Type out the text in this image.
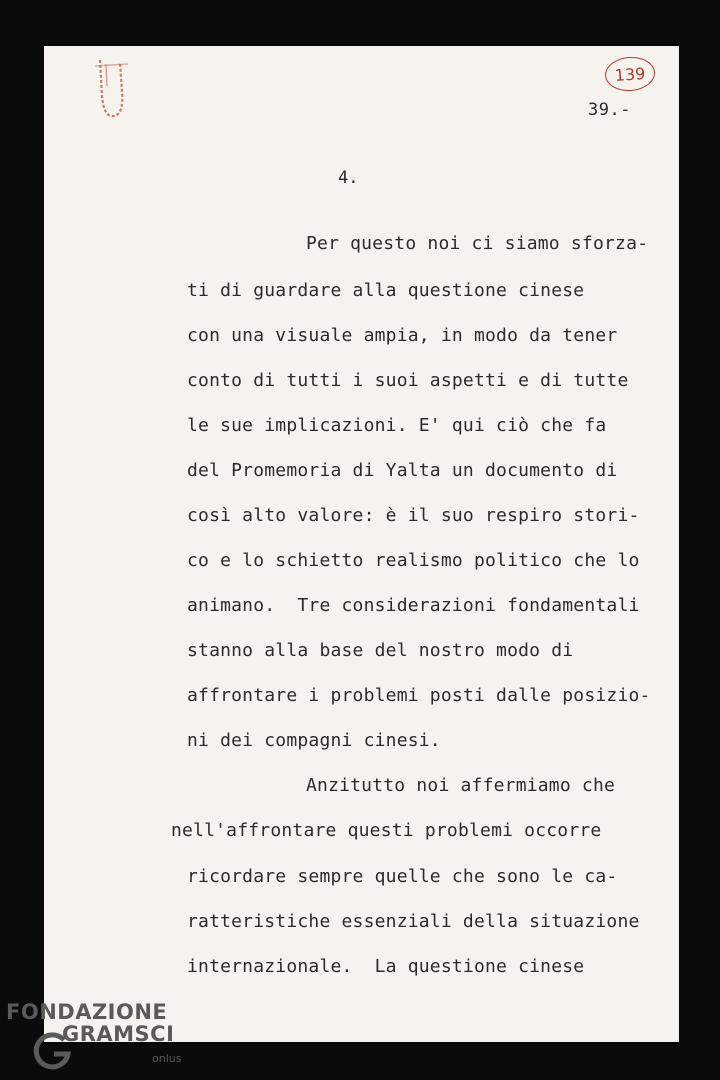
139
39.-
4.
Per questo noi ci siamo sforza-
ti di guardare alla questione cinese
con una visuale ampia, in modo da tener
conto di tutti i suoi aspetti e di tutte
le sue implicazioni. E' qui ciò che fa
del Promemoria di Yalta un documento di
così alto valore: è il suo respiro stori-
co e lo schietto realismo politico che lo
animano.  Tre considerazioni fondamentali
stanno alla base del nostro modo di
affrontare i problemi posti dalle posizio-
ni dei compagni cinesi.
Anzitutto noi affermiamo che
nell'affrontare questi problemi occorre
ricordare sempre quelle che sono le ca-
ratteristiche essenziali della situazione
internazionale.  La questione cinese
FONDAZIONE
GRAMSCI
onlus
